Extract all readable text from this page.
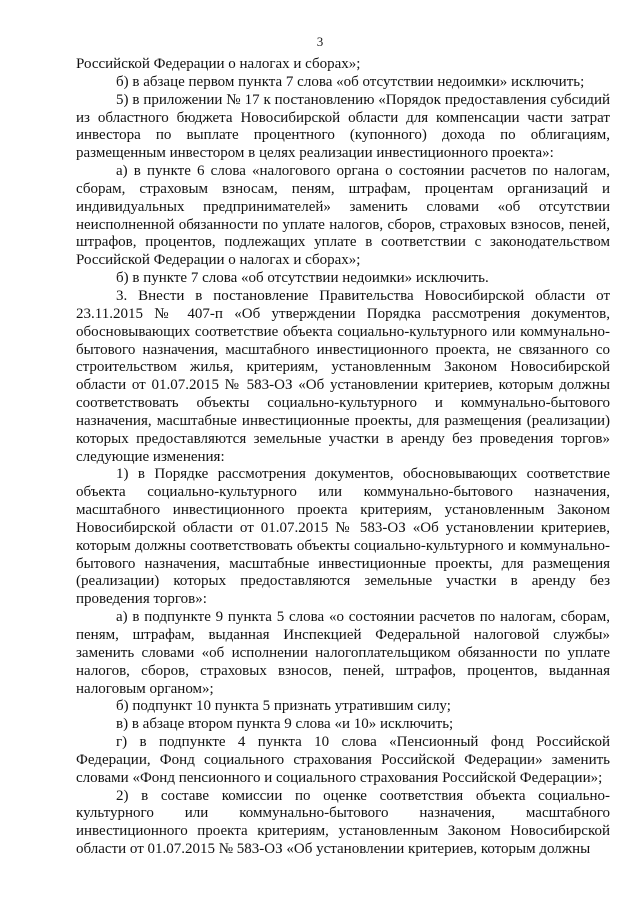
3

Российской Федерации о налогах и сборах»;

б) в абзаце первом пункта 7 слова «об отсутствии недоимки» исключить;

5) в приложении № 17 к постановлению «Порядок предоставления субсидий из областного бюджета Новосибирской области для компенсации части затрат инвестора по выплате процентного (купонного) дохода по облигациям, размещенным инвестором в целях реализации инвестиционного проекта»:

а) в пункте 6 слова «налогового органа о состоянии расчетов по налогам, сборам, страховым взносам, пеням, штрафам, процентам организаций и индивидуальных предпринимателей» заменить словами «об отсутствии неисполненной обязанности по уплате налогов, сборов, страховых взносов, пеней, штрафов, процентов, подлежащих уплате в соответствии с законодательством Российской Федерации о налогах и сборах»;

б) в пункте 7 слова «об отсутствии недоимки» исключить.

3. Внести в постановление Правительства Новосибирской области от 23.11.2015 № 407-п «Об утверждении Порядка рассмотрения документов, обосновывающих соответствие объекта социально-культурного или коммунально-бытового назначения, масштабного инвестиционного проекта, не связанного со строительством жилья, критериям, установленным Законом Новосибирской области от 01.07.2015 № 583-ОЗ «Об установлении критериев, которым должны соответствовать объекты социально-культурного и коммунально-бытового назначения, масштабные инвестиционные проекты, для размещения (реализации) которых предоставляются земельные участки в аренду без проведения торгов» следующие изменения:

1) в Порядке рассмотрения документов, обосновывающих соответствие объекта социально-культурного или коммунально-бытового назначения, масштабного инвестиционного проекта критериям, установленным Законом Новосибирской области от 01.07.2015 № 583-ОЗ «Об установлении критериев, которым должны соответствовать объекты социально-культурного и коммунально-бытового назначения, масштабные инвестиционные проекты, для размещения (реализации) которых предоставляются земельные участки в аренду без проведения торгов»:

а) в подпункте 9 пункта 5 слова «о состоянии расчетов по налогам, сборам, пеням, штрафам, выданная Инспекцией Федеральной налоговой службы» заменить словами «об исполнении налогоплательщиком обязанности по уплате налогов, сборов, страховых взносов, пеней, штрафов, процентов, выданная налоговым органом»;

б) подпункт 10 пункта 5 признать утратившим силу;

в) в абзаце втором пункта 9 слова «и 10» исключить;

г) в подпункте 4 пункта 10 слова «Пенсионный фонд Российской Федерации, Фонд социального страхования Российской Федерации» заменить словами «Фонд пенсионного и социального страхования Российской Федерации»;

2) в составе комиссии по оценке соответствия объекта социально-культурного или коммунально-бытового назначения, масштабного инвестиционного проекта критериям, установленным Законом Новосибирской области от 01.07.2015 № 583-ОЗ «Об установлении критериев, которым должны
